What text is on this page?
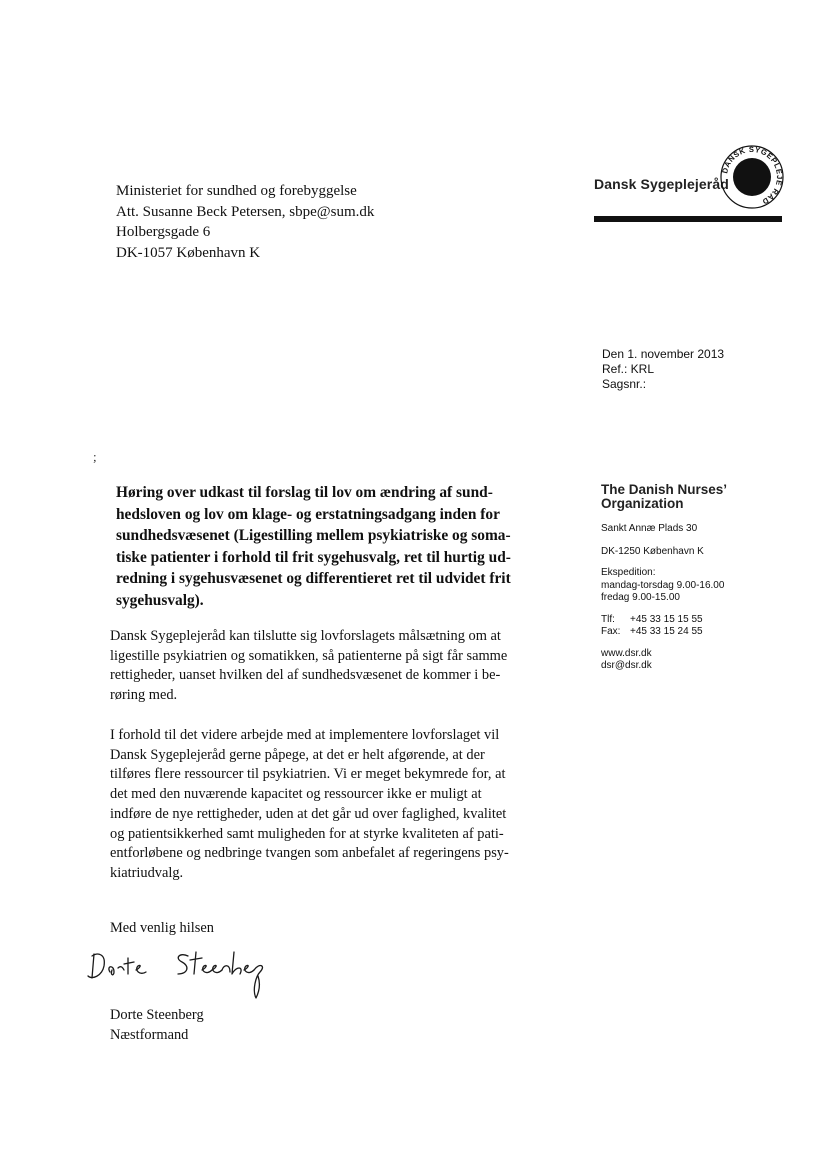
Ministeriet for sundhed og forebyggelse
Att. Susanne Beck Petersen, sbpe@sum.dk
Holbergsgade 6
DK-1057 København K
Dansk Sygeplejeråd
DANSK SYGEPLEJE RÅD
Den 1. november 2013
Ref.: KRL
Sagsnr.:
;
Høring over udkast til forslag til lov om ændring af sund-
hedsloven og lov om klage- og erstatningsadgang inden for
sundhedsvæsenet (Ligestilling mellem psykiatriske og soma-
tiske patienter i forhold til frit sygehusvalg, ret til hurtig ud-
redning i sygehusvæsenet og differentieret ret til udvidet frit
sygehusvalg).
Dansk Sygeplejeråd kan tilslutte sig lovforslagets målsætning om at
ligestille psykiatrien og somatikken, så patienterne på sigt får samme
rettigheder, uanset hvilken del af sundhedsvæsenet de kommer i be-
røring med.
I forhold til det videre arbejde med at implementere lovforslaget vil
Dansk Sygeplejeråd gerne påpege, at det er helt afgørende, at der
tilføres flere ressourcer til psykiatrien. Vi er meget bekymrede for, at
det med den nuværende kapacitet og ressourcer ikke er muligt at
indføre de nye rettigheder, uden at det går ud over faglighed, kvalitet
og patientsikkerhed samt muligheden for at styrke kvaliteten af pati-
entforløbene og nedbringe tvangen som anbefalet af regeringens psy-
kiatriudvalg.
The Danish Nurses’
Organization
Sankt Annæ Plads 30
DK-1250 København K
Ekspedition:
mandag-torsdag 9.00-16.00
fredag 9.00-15.00
Tlf: +45 33 15 15 55
Fax: +45 33 15 24 55
www.dsr.dk
dsr@dsr.dk
Med venlig hilsen
Dorte Steenberg
Næstformand
